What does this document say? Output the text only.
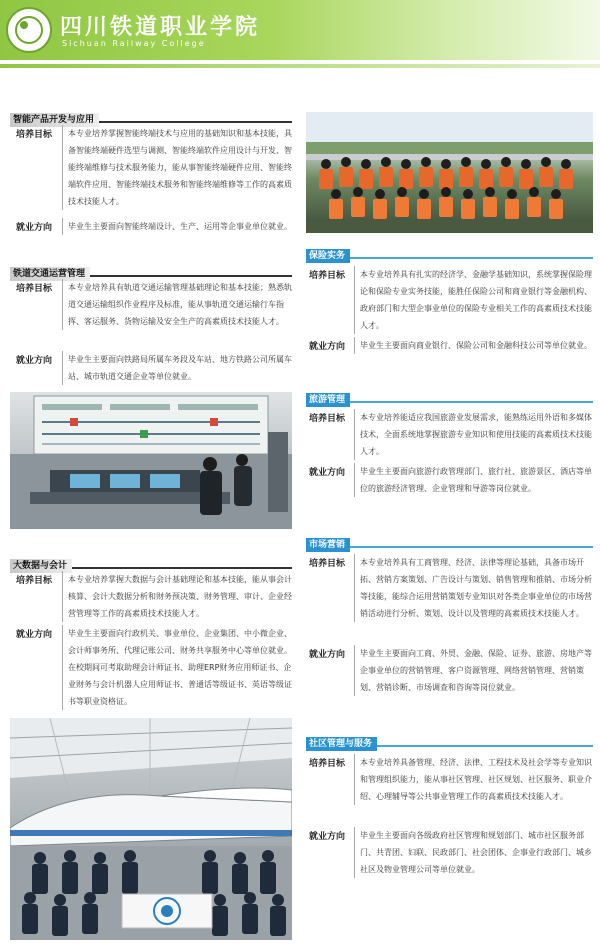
四川铁道职业学院
Sichuan Railway College
智能产品开发与应用
培养目标	本专业培养掌握智能终端技术与应用的基础知识和基本技能，具备智能终端硬件选型与调测、智能终端软件应用设计与开发、智能终端维修与技术服务能力，能从事智能终端硬件应用、智能终端软件应用、智能终端技术服务和智能终端维修等工作的高素质技术技能人才。
就业方向	毕业生主要面向智能终端设计、生产、运用等企事业单位就业。
铁道交通运营管理
培养目标	本专业培养具有轨道交通运输管理基础理论和基本技能；熟悉轨道交通运输组织作业程序及标准，能从事轨道交通运输行车指挥、客运服务、货物运输及安全生产的高素质技术技能人才。
就业方向	毕业生主要面向铁路局所属车务段及车站、地方铁路公司所属车站、城市轨道交通企业等单位就业。
大数据与会计
培养目标	本专业培养掌握大数据与会计基础理论和基本技能，能从事会计核算、会计大数据分析和财务预决策、财务管理、审计、企业经营管理等工作的高素质技术技能人才。
就业方向	毕业生主要面向行政机关、事业单位、企业集团、中小微企业、会计师事务所、代理记账公司、财务共享服务中心等单位就业。在校期间可考取助理会计师证书、助理ERP财务应用师证书、企业财务与会计机器人应用师证书、普通话等级证书、英语等级证书等职业资格证。
保险实务
培养目标	本专业培养具有扎实的经济学、金融学基础知识，系统掌握保险理论和保险专业实务技能，能胜任保险公司和商业银行等金融机构、政府部门和大型企事业单位的保险专业相关工作的高素质技术技能人才。
就业方向	毕业生主要面向商业银行、保险公司和金融科技公司等单位就业。
旅游管理
培养目标	本专业培养能适应我国旅游业发展需求，能熟练运用外语和多媒体技术，全面系统地掌握旅游专业知识和使用技能的高素质技术技能人才。
就业方向	毕业生主要面向旅游行政管理部门、旅行社、旅游景区、酒店等单位的旅游经济管理、企业管理和导游等岗位就业。
市场营销
培养目标	本专业培养具有工商管理、经济、法律等理论基础，具备市场开拓、营销方案策划、广告设计与策划、销售管理和推销、市场分析等技能，能综合运用营销策划专业知识对各类企事业单位的市场营销活动进行分析、策划、设计以及管理的高素质技术技能人才。
就业方向	毕业生主要面向工商、外贸、金融、保险、证券、旅游、房地产等企事业单位的营销管理、客户资源管理、网络营销管理、营销策划、营销诊断、市场调查和咨询等岗位就业。
社区管理与服务
培养目标	本专业培养具备管理、经济、法律、工程技术及社会学等专业知识和管理组织能力，能从事社区管理、社区规划、社区服务、职业介绍、心理辅导等公共事业管理工作的高素质技术技能人才。
就业方向	毕业生主要面向各级政府社区管理和规划部门、城市社区服务部门、共青团、妇联、民政部门、社会团体、企事业行政部门、城乡社区及物业管理公司等单位就业。
